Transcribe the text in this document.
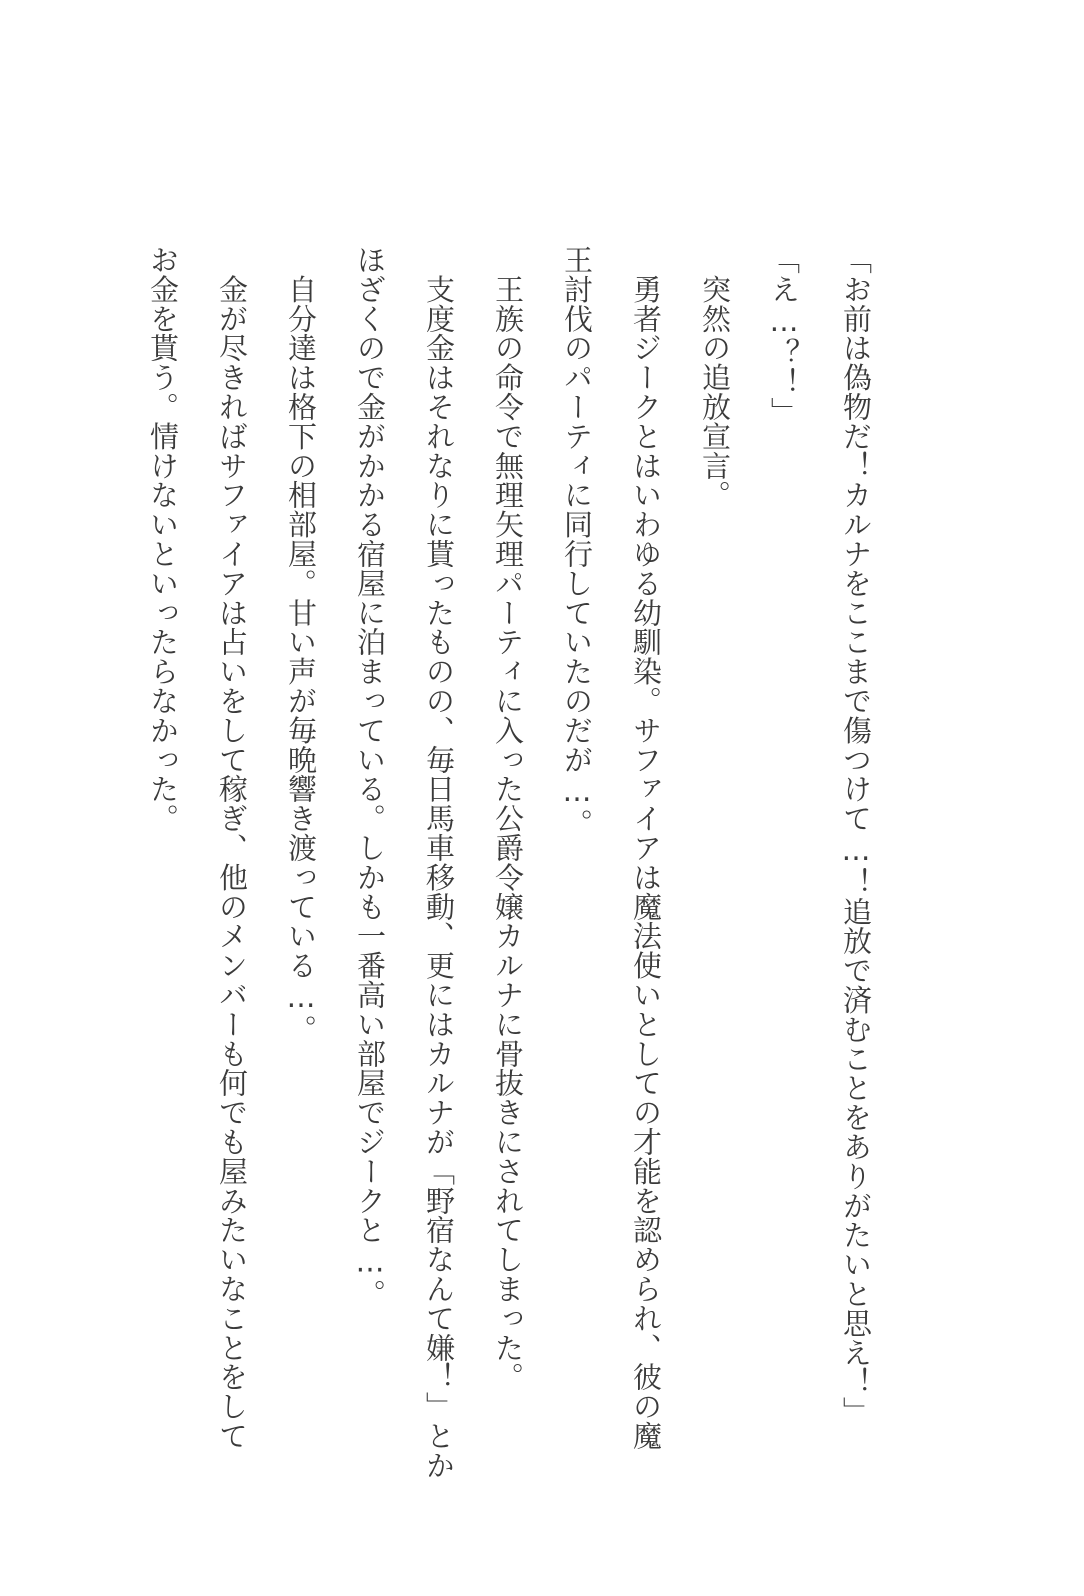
「お前は偽物だ！カルナをここまで傷つけて…！追放で済むことをありがたいと思え！」
「え…？！」
　突然の追放宣言。
　勇者ジークとはいわゆる幼馴染。サファイアは魔法使いとしての才能を認められ、彼の魔
王討伐のパーティに同行していたのだが…。
　王族の命令で無理矢理パーティに入った公爵令嬢カルナに骨抜きにされてしまった。
　支度金はそれなりに貰ったものの、毎日馬車移動、更にはカルナが「野宿なんて嫌！」とか
ほざくので金がかかる宿屋に泊まっている。しかも一番高い部屋でジークと…。
　自分達は格下の相部屋。甘い声が毎晩響き渡っている…。
　金が尽きればサファイアは占いをして稼ぎ、他のメンバーも何でも屋みたいなことをして
お金を貰う。情けないといったらなかった。
